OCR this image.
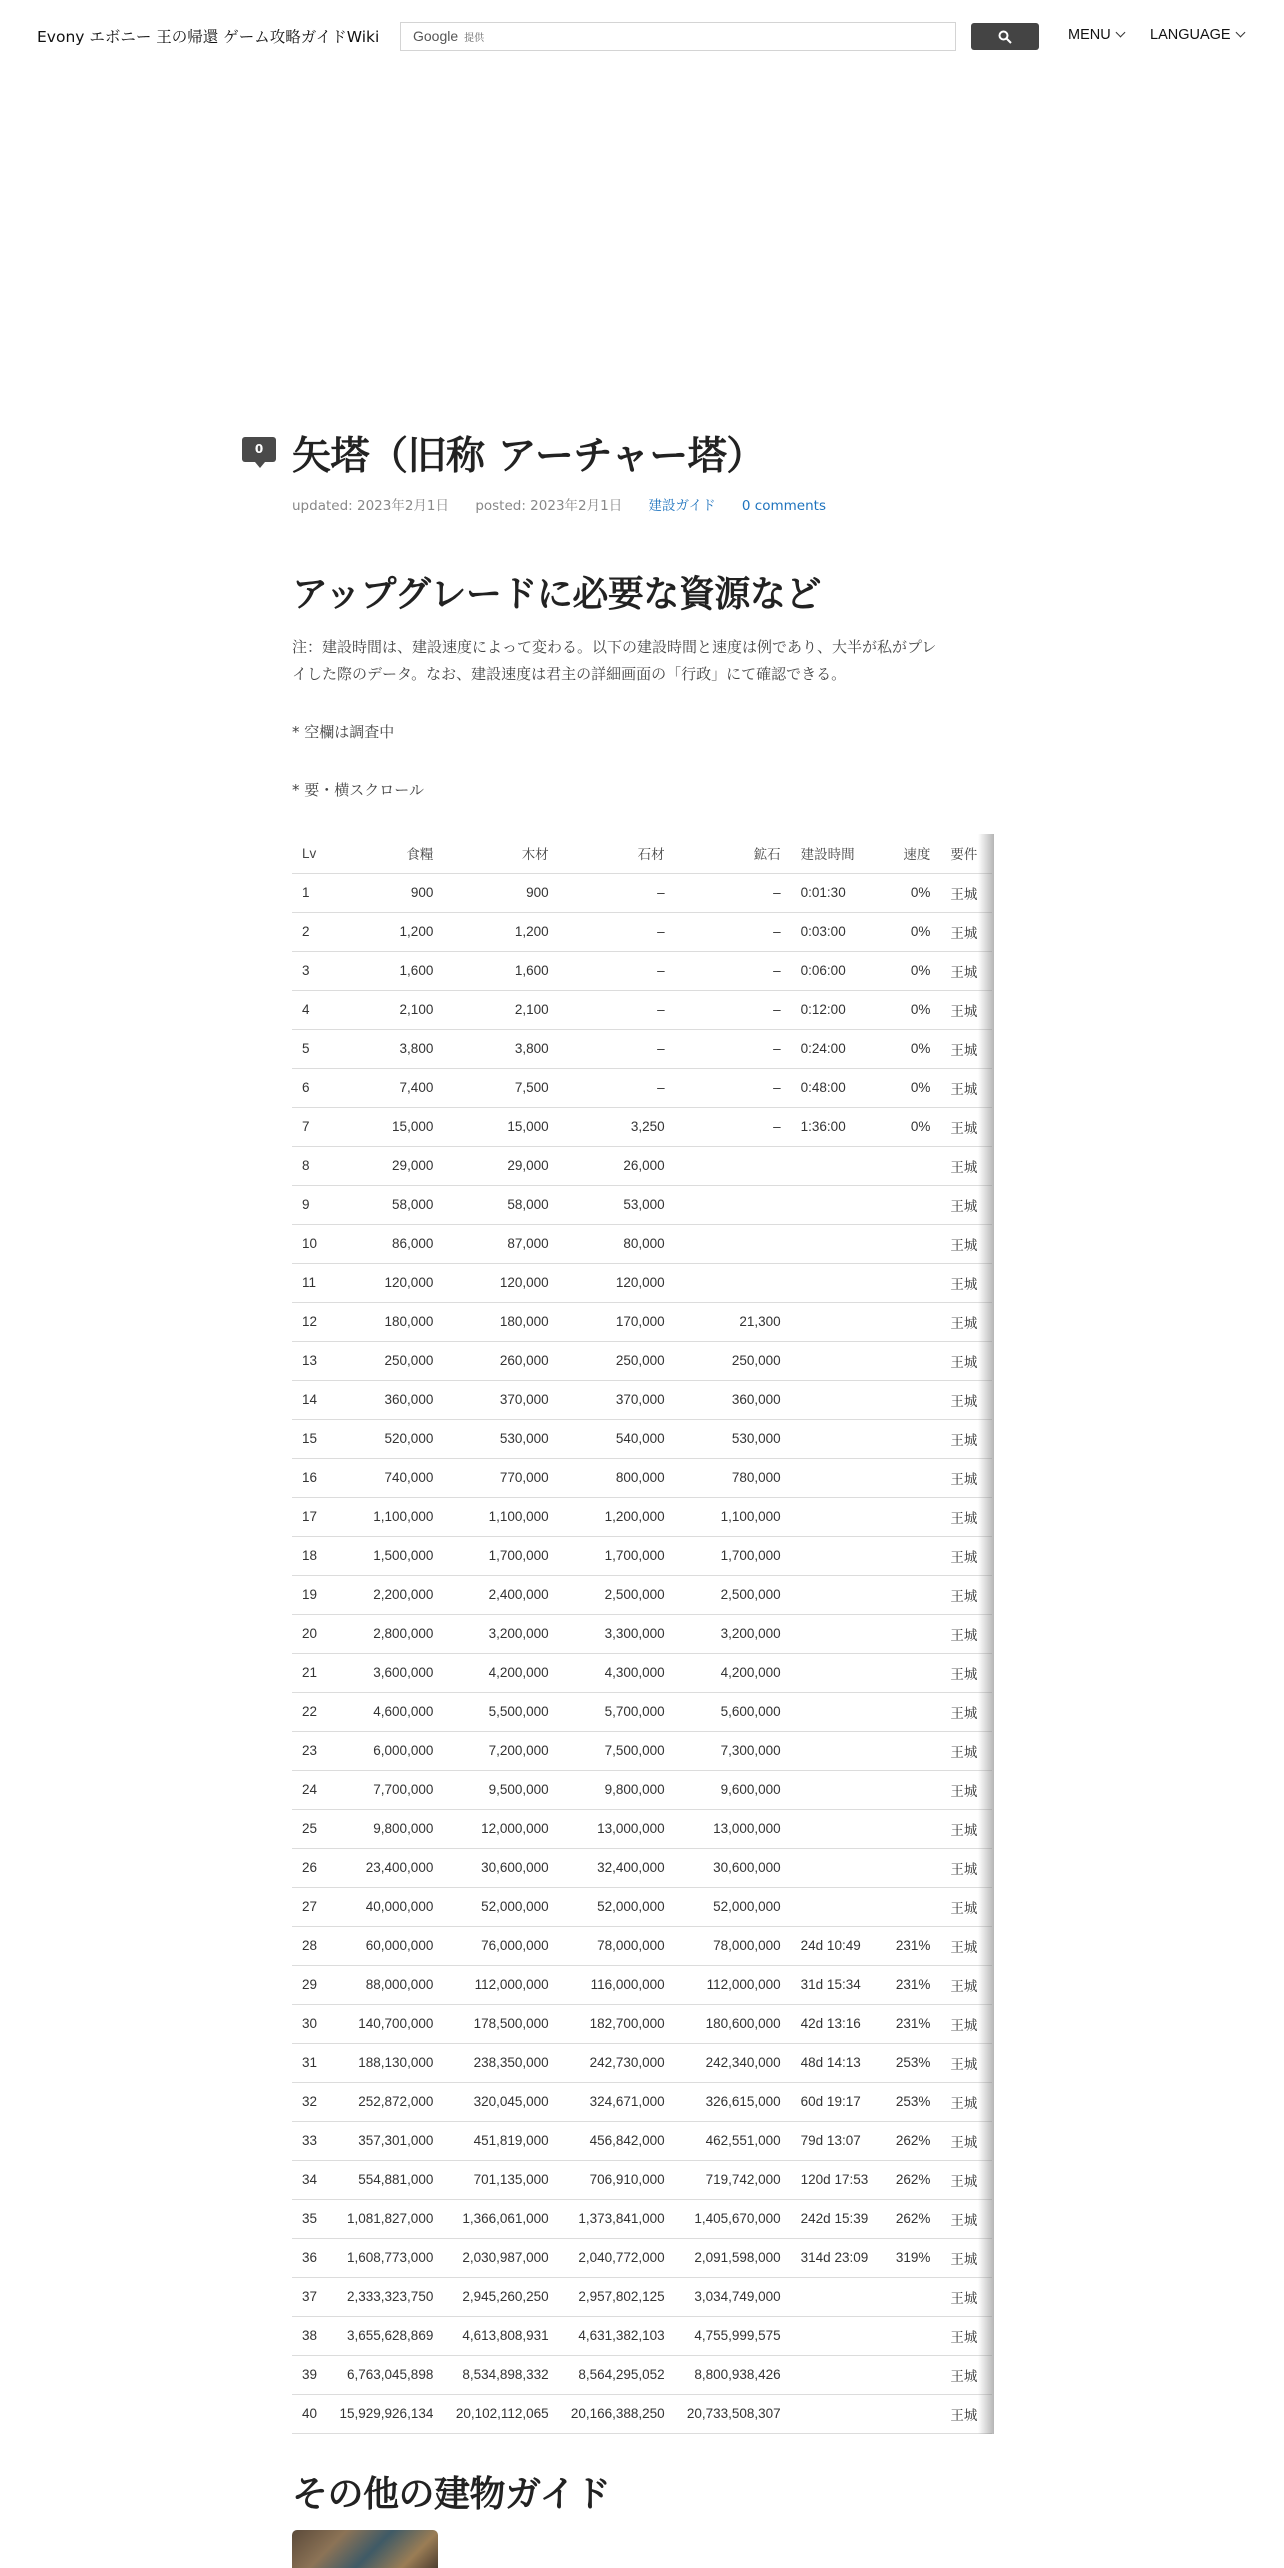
Evony エボニー 王の帰還 ゲーム攻略ガイドWiki Google 提供	MENU	LANGUAGE
0 矢塔（旧称 アーチャー塔）
updated: 2023年2月1日 posted: 2023年2月1日 建設ガイド 0 comments
アップグレードに必要な資源など

注：建設時間は、建設速度によって変わる。以下の建設時間と速度は例であり、大半が私がプレ

イした際のデータ。なお、建設速度は君主の詳細画面の「行政」にて確認できる。

* 空欄は調査中

* 要・横スクロール

Lv	食糧	木材	石材	鉱石	建設時間	速度	要件
1	900	900	–	–	0:01:30	0%	王城
2	1,200	1,200	–	–	0:03:00	0%	王城
3	1,600	1,600	–	–	0:06:00	0%	王城
4	2,100	2,100	–	–	0:12:00	0%	王城
5	3,800	3,800	–	–	0:24:00	0%	王城
6	7,400	7,500	–	–	0:48:00	0%	王城
7	15,000	15,000	3,250	–	1:36:00	0%	王城
8	29,000	29,000	26,000				王城
9	58,000	58,000	53,000				王城
10	86,000	87,000	80,000				王城
11	120,000	120,000	120,000				王城
12	180,000	180,000	170,000	21,300			王城
13	250,000	260,000	250,000	250,000			王城
14	360,000	370,000	370,000	360,000			王城
15	520,000	530,000	540,000	530,000			王城
16	740,000	770,000	800,000	780,000			王城
17	1,100,000	1,100,000	1,200,000	1,100,000			王城
18	1,500,000	1,700,000	1,700,000	1,700,000			王城
19	2,200,000	2,400,000	2,500,000	2,500,000			王城
20	2,800,000	3,200,000	3,300,000	3,200,000			王城
21	3,600,000	4,200,000	4,300,000	4,200,000			王城
22	4,600,000	5,500,000	5,700,000	5,600,000			王城
23	6,000,000	7,200,000	7,500,000	7,300,000			王城
24	7,700,000	9,500,000	9,800,000	9,600,000			王城
25	9,800,000	12,000,000	13,000,000	13,000,000			王城
26	23,400,000	30,600,000	32,400,000	30,600,000			王城
27	40,000,000	52,000,000	52,000,000	52,000,000			王城
28	60,000,000	76,000,000	78,000,000	78,000,000	24d 10:49	231%	王城
29	88,000,000	112,000,000	116,000,000	112,000,000	31d 15:34	231%	王城
30	140,700,000	178,500,000	182,700,000	180,600,000	42d 13:16	231%	王城
31	188,130,000	238,350,000	242,730,000	242,340,000	48d 14:13	253%	王城
32	252,872,000	320,045,000	324,671,000	326,615,000	60d 19:17	253%	王城
33	357,301,000	451,819,000	456,842,000	462,551,000	79d 13:07	262%	王城
34	554,881,000	701,135,000	706,910,000	719,742,000	120d 17:53	262%	王城
35	1,081,827,000	1,366,061,000	1,373,841,000	1,405,670,000	242d 15:39	262%	王城
36	1,608,773,000	2,030,987,000	2,040,772,000	2,091,598,000	314d 23:09	319%	王城
37	2,333,323,750	2,945,260,250	2,957,802,125	3,034,749,000			王城
38	3,655,628,869	4,613,808,931	4,631,382,103	4,755,999,575			王城
39	6,763,045,898	8,534,898,332	8,564,295,052	8,800,938,426			王城
40	15,929,926,134	20,102,112,065	20,166,388,250	20,733,508,307			王城
その他の建物ガイド
